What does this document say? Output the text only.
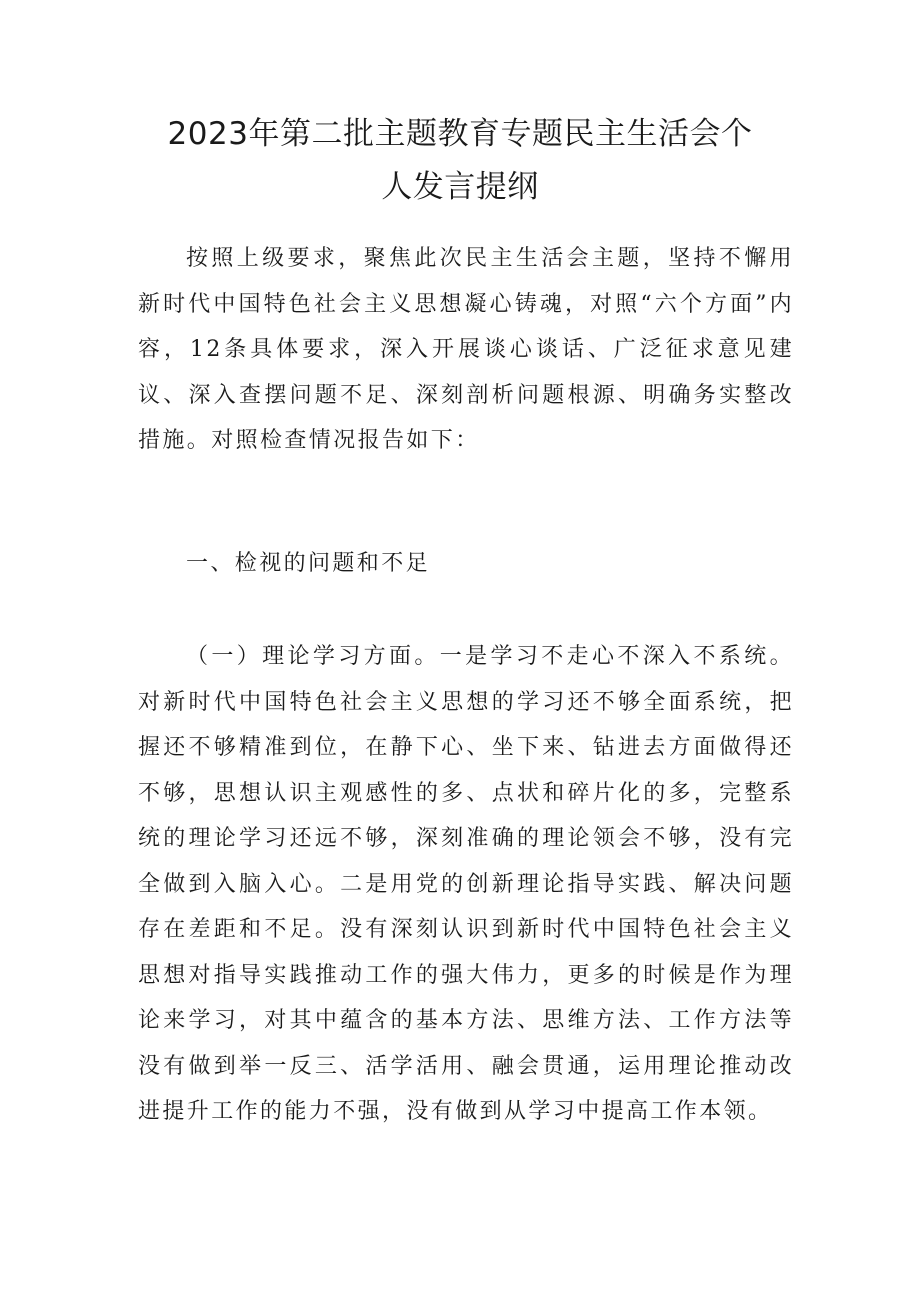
2023年第二批主题教育专题民主生活会个
人发言提纲

按照上级要求，聚焦此次民主生活会主题，坚持不懈用新时代中国特色社会主义思想凝心铸魂，对照“六个方面”内容，12条具体要求，深入开展谈心谈话、广泛征求意见建议、深入查摆问题不足、深刻剖析问题根源、明确务实整改措施。对照检查情况报告如下：

一、检视的问题和不足

（一）理论学习方面。一是学习不走心不深入不系统。对新时代中国特色社会主义思想的学习还不够全面系统，把握还不够精准到位，在静下心、坐下来、钻进去方面做得还不够，思想认识主观感性的多、点状和碎片化的多，完整系统的理论学习还远不够，深刻准确的理论领会不够，没有完全做到入脑入心。二是用党的创新理论指导实践、解决问题存在差距和不足。没有深刻认识到新时代中国特色社会主义思想对指导实践推动工作的强大伟力，更多的时候是作为理论来学习，对其中蕴含的基本方法、思维方法、工作方法等没有做到举一反三、活学活用、融会贯通，运用理论推动改进提升工作的能力不强，没有做到从学习中提高工作本领。
